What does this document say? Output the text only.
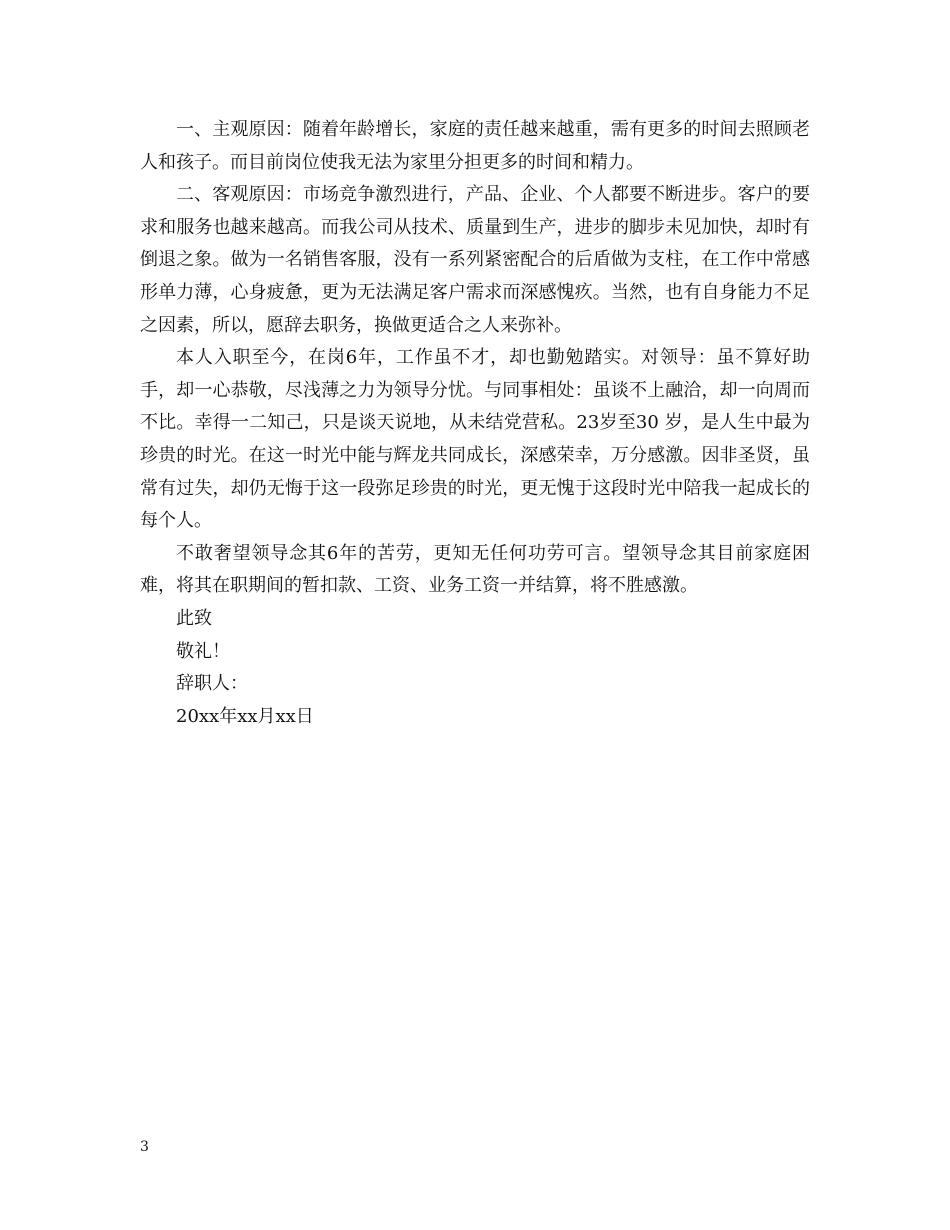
一、主观原因：随着年龄增长，家庭的责任越来越重，需有更多的时间去照顾老人和孩子。而目前岗位使我无法为家里分担更多的时间和精力。

二、客观原因：市场竞争激烈进行，产品、企业、个人都要不断进步。客户的要求和服务也越来越高。而我公司从技术、质量到生产，进步的脚步未见加快，却时有倒退之象。做为一名销售客服，没有一系列紧密配合的后盾做为支柱，在工作中常感形单力薄，心身疲惫，更为无法满足客户需求而深感愧疚。当然，也有自身能力不足之因素，所以，愿辞去职务，换做更适合之人来弥补。

本人入职至今，在岗6年，工作虽不才，却也勤勉踏实。对领导：虽不算好助手，却一心恭敬，尽浅薄之力为领导分忧。与同事相处：虽谈不上融洽，却一向周而不比。幸得一二知己，只是谈天说地，从未结党营私。23岁至30 岁，是人生中最为珍贵的时光。在这一时光中能与辉龙共同成长，深感荣幸，万分感激。因非圣贤，虽常有过失，却仍无悔于这一段弥足珍贵的时光，更无愧于这段时光中陪我一起成长的每个人。

不敢奢望领导念其6年的苦劳，更知无任何功劳可言。望领导念其目前家庭困难，将其在职期间的暂扣款、工资、业务工资一并结算，将不胜感激。

此致

敬礼！

辞职人：

20xx年xx月xx日

3
